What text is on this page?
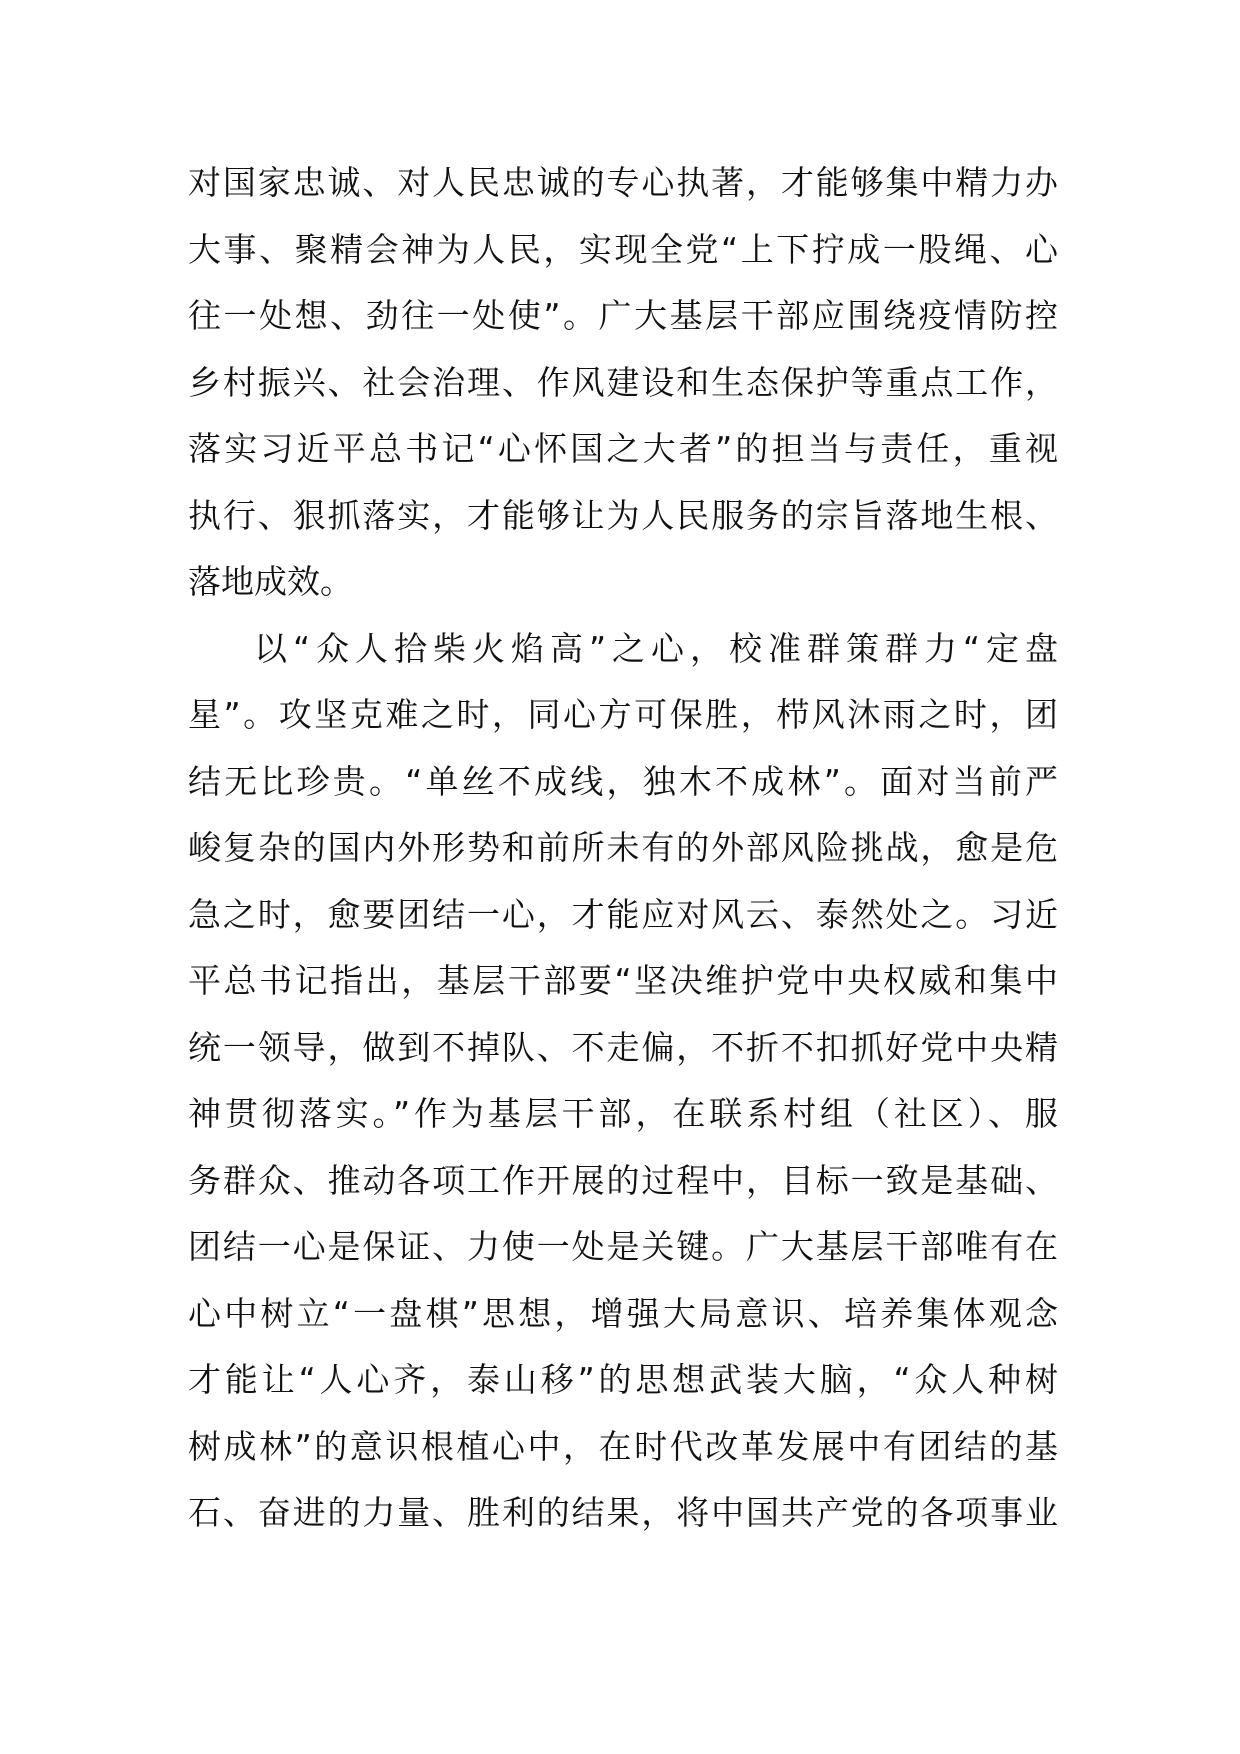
对国家忠诚、对人民忠诚的专心执著，才能够集中精力办
大事、聚精会神为人民，实现全党“上下拧成一股绳、心
往一处想、劲往一处使”。广大基层干部应围绕疫情防控
乡村振兴、社会治理、作风建设和生态保护等重点工作，
落实习近平总书记“心怀国之大者”的担当与责任，重视
执行、狠抓落实，才能够让为人民服务的宗旨落地生根、
落地成效。
以“众人拾柴火焰高”之心，校准群策群力“定盘
星”。攻坚克难之时，同心方可保胜，栉风沐雨之时，团
结无比珍贵。“单丝不成线，独木不成林”。面对当前严
峻复杂的国内外形势和前所未有的外部风险挑战，愈是危
急之时，愈要团结一心，才能应对风云、泰然处之。习近
平总书记指出，基层干部要“坚决维护党中央权威和集中
统一领导，做到不掉队、不走偏，不折不扣抓好党中央精
神贯彻落实。”作为基层干部，在联系村组（社区）、服
务群众、推动各项工作开展的过程中，目标一致是基础、
团结一心是保证、力使一处是关键。广大基层干部唯有在
心中树立“一盘棋”思想，增强大局意识、培养集体观念
才能让“人心齐，泰山移”的思想武装大脑，“众人种树
树成林”的意识根植心中，在时代改革发展中有团结的基
石、奋进的力量、胜利的结果，将中国共产党的各项事业
